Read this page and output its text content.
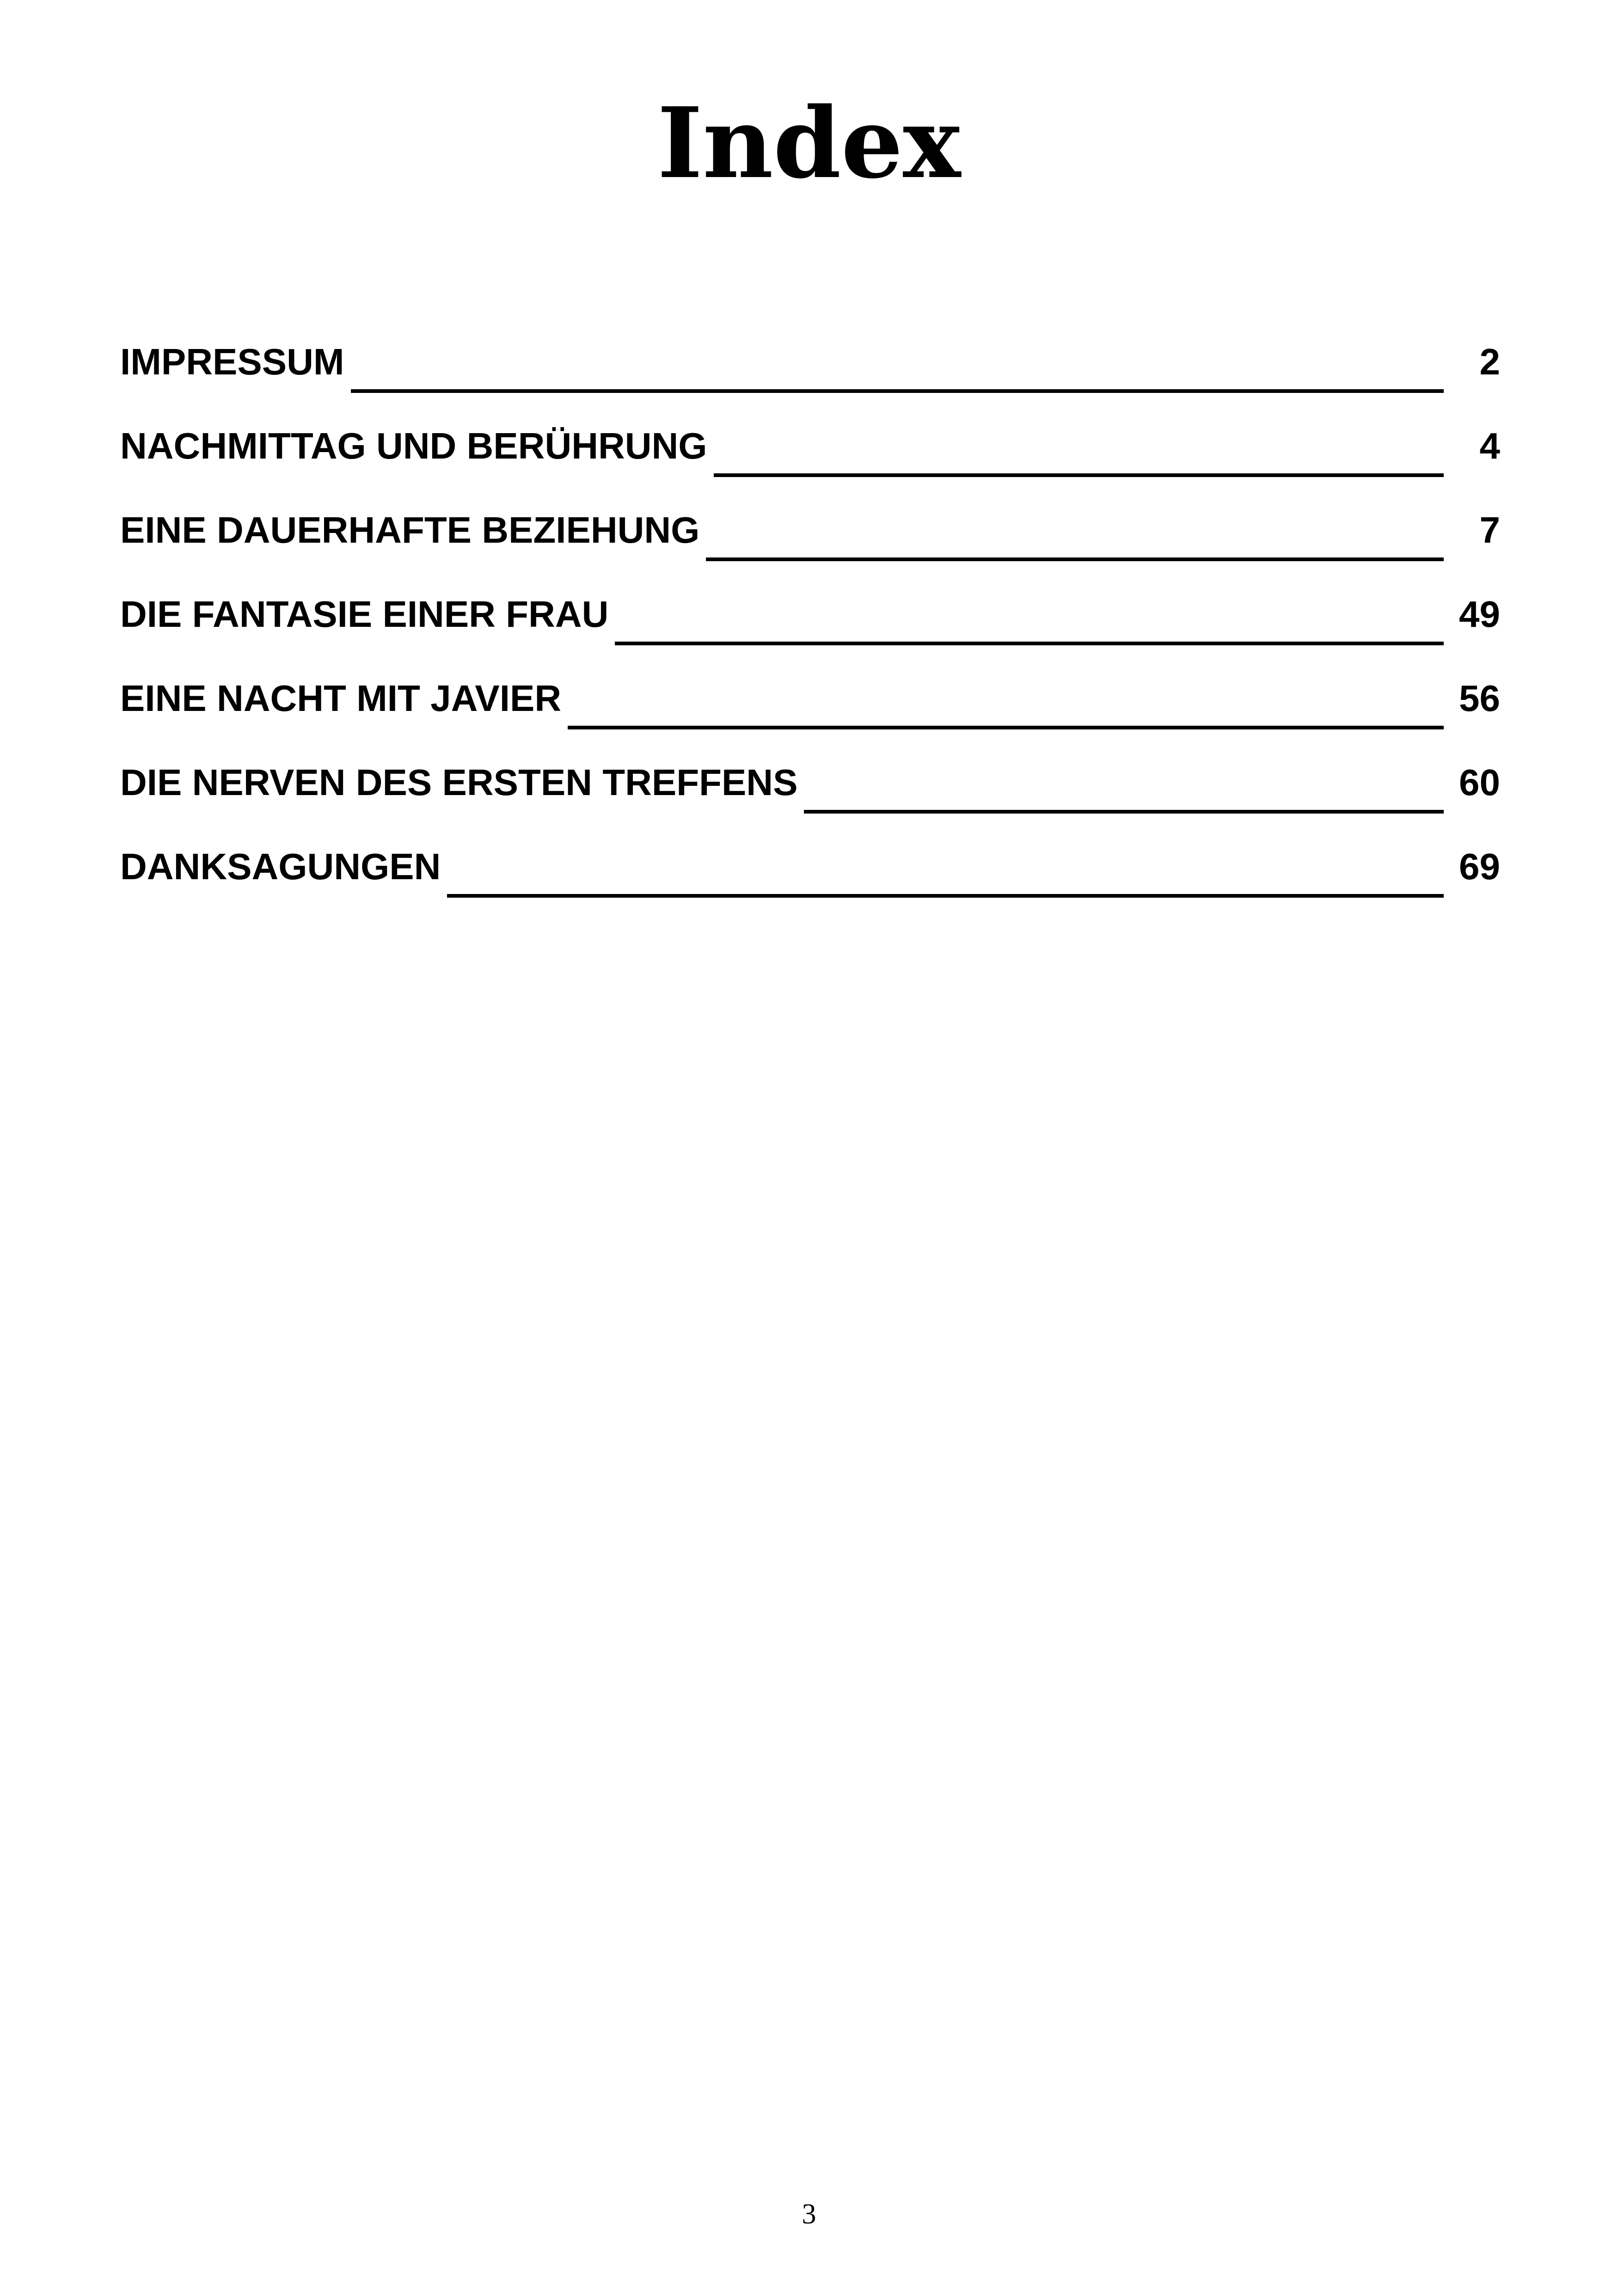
Index
IMPRESSUM	2
NACHMITTAG UND BERÜHRUNG	4
EINE DAUERHAFTE BEZIEHUNG	7
DIE FANTASIE EINER FRAU	49
EINE NACHT MIT JAVIER	56
DIE NERVEN DES ERSTEN TREFFENS	60
DANKSAGUNGEN	69
3
